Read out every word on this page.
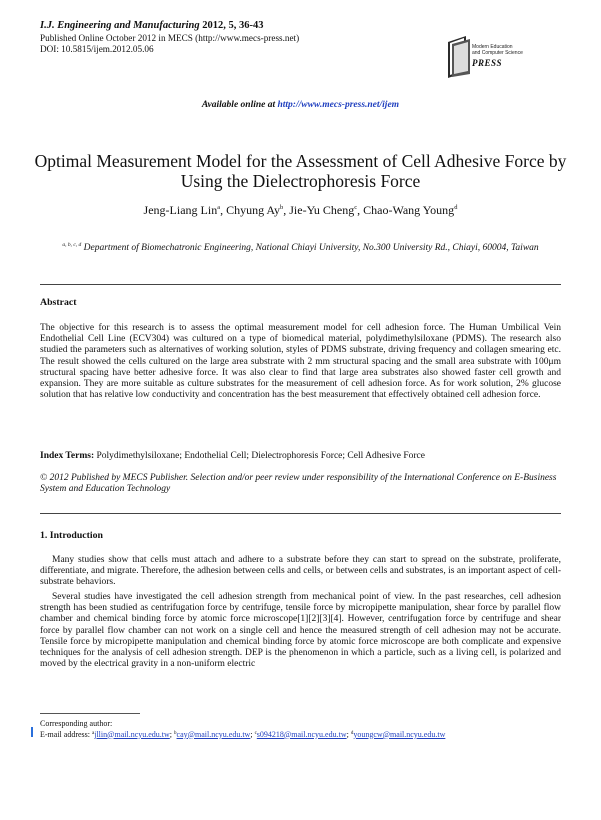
I.J. Engineering and Manufacturing 2012, 5, 36-43
Published Online October 2012 in MECS (http://www.mecs-press.net)
DOI: 10.5815/ijem.2012.05.06	Modern Education
and Computer Science
PRESS
Available online at http://www.mecs-press.net/ijem
Optimal Measurement Model for the Assessment of Cell Adhesive Force by Using the Dielectrophoresis Force
Jeng-Liang Lin$^a$, Chyung Ay$^b$, Jie-Yu Cheng$^c$, Chao-Wang Young$^d$
$^{a, b, c, d}$ Department of Biomechatronic Engineering, National Chiayi University, No.300 University Rd., Chiayi, 60004, Taiwan
Abstract
The objective for this research is to assess the optimal measurement model for cell adhesion force. The Human Umbilical Vein Endothelial Cell Line (ECV304) was cultured on a type of biomedical material, polydimethylsiloxane (PDMS). The research also studied the parameters such as alternatives of working solution, styles of PDMS substrate, driving frequency and collagen smearing etc. The result showed the cells cultured on the large area substrate with 2 mm structural spacing and the small area substrate with 100μm structural spacing have better adhesive force. It was also clear to find that large area substrates also showed faster cell growth and expansion. They are more suitable as culture substrates for the measurement of cell adhesion force. As for work solution, 2% glucose solution that has relative low conductivity and concentration has the best measurement that effectively obtained cell adhesion force.
Index Terms: Polydimethylsiloxane; Endothelial Cell; Dielectrophoresis Force; Cell Adhesive Force
© 2012 Published by MECS Publisher. Selection and/or peer review under responsibility of the International Conference on E-Business System and Education Technology
1. Introduction
Many studies show that cells must attach and adhere to a substrate before they can start to spread on the substrate, proliferate, differentiate, and migrate. Therefore, the adhesion between cells and cells, or between cells and substrates, is an important aspect of cell-substrate behaviors.
Several studies have investigated the cell adhesion strength from mechanical point of view. In the past researches, cell adhesion strength has been studied as centrifugation force by centrifuge, tensile force by micropipette manipulation, shear force by parallel flow chamber and chemical binding force by atomic force microscope[1][2][3][4]. However, centrifugation force by centrifuge and shear force by parallel flow chamber can not work on a single cell and hence the measured strength of cell adhesion may not be accurate. Tensile force by micropipette manipulation and chemical binding force by atomic force microscope are both complicate and expensive techniques for the analysis of cell adhesion strength. DEP is the phenomenon in which a particle, such as a living cell, is polarized and moved by the electrical gravity in a non-uniform electric
Corresponding author:
E-mail address: $^a$jllin@mail.ncyu.edu.tw; $^b$cay@mail.ncyu.edu.tw; $^c$s094218@mail.ncyu.edu.tw; $^d$youngcw@mail.ncyu.edu.tw
